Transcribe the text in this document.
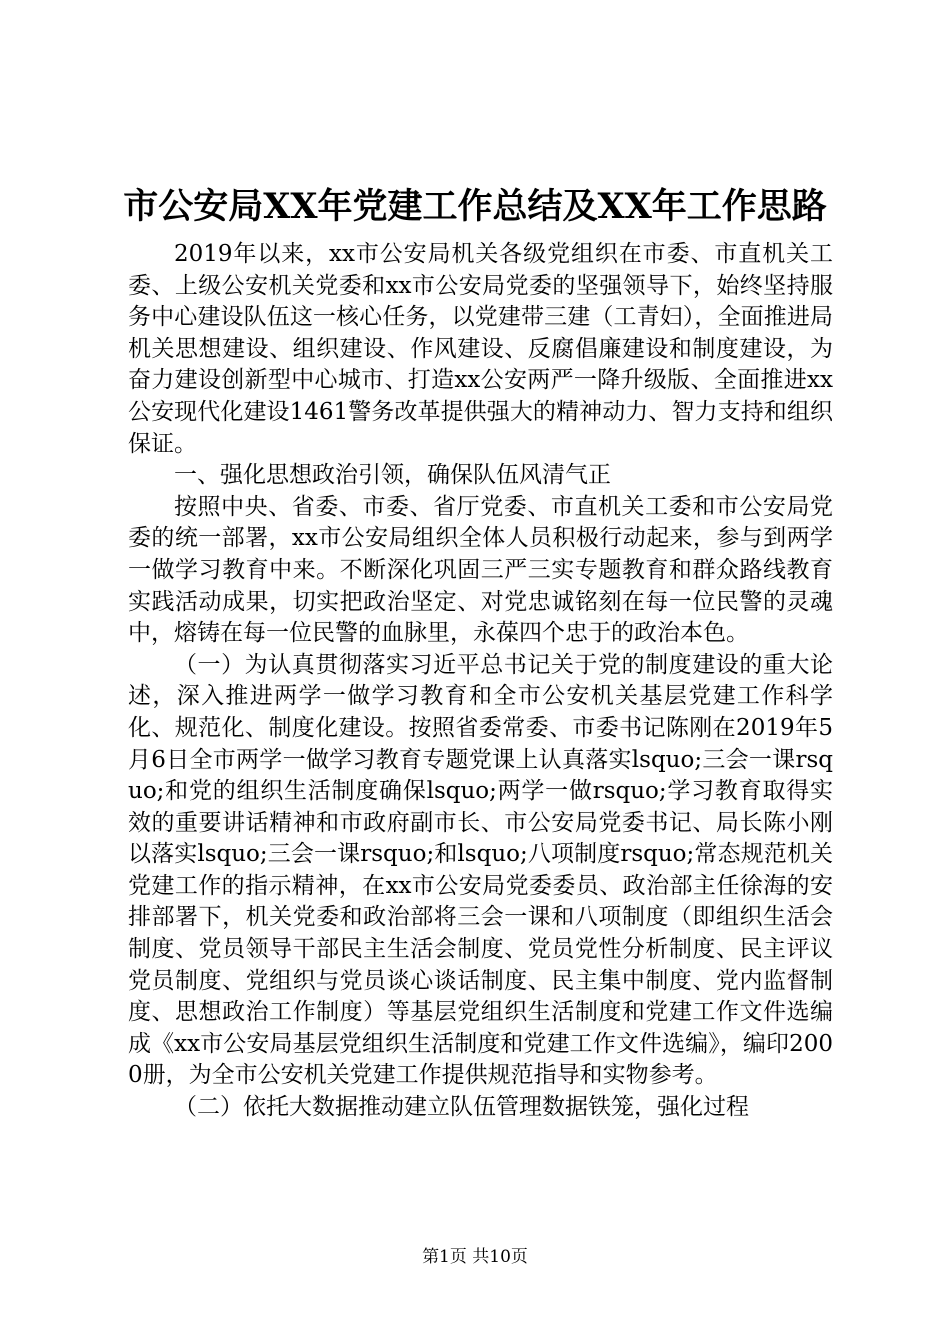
市公安局XX年党建工作总结及XX年工作思路

2019年以来，xx市公安局机关各级党组织在市委、市直机关工委、上级公安机关党委和xx市公安局党委的坚强领导下，始终坚持服务中心建设队伍这一核心任务，以党建带三建（工青妇），全面推进局机关思想建设、组织建设、作风建设、反腐倡廉建设和制度建设，为奋力建设创新型中心城市、打造xx公安两严一降升级版、全面推进xx公安现代化建设1461警务改革提供强大的精神动力、智力支持和组织保证。

一、强化思想政治引领，确保队伍风清气正

按照中央、省委、市委、省厅党委、市直机关工委和市公安局党委的统一部署，xx市公安局组织全体人员积极行动起来，参与到两学一做学习教育中来。不断深化巩固三严三实专题教育和群众路线教育实践活动成果，切实把政治坚定、对党忠诚铭刻在每一位民警的灵魂中，熔铸在每一位民警的血脉里，永葆四个忠于的政治本色。

（一）为认真贯彻落实习近平总书记关于党的制度建设的重大论述，深入推进两学一做学习教育和全市公安机关基层党建工作科学化、规范化、制度化建设。按照省委常委、市委书记陈刚在2019年5月6日全市两学一做学习教育专题党课上认真落实lsquo;三会一课rsquo;和党的组织生活制度确保lsquo;两学一做rsquo;学习教育取得实效的重要讲话精神和市政府副市长、市公安局党委书记、局长陈小刚以落实lsquo;三会一课rsquo;和lsquo;八项制度rsquo;常态规范机关党建工作的指示精神，在xx市公安局党委委员、政治部主任徐海的安排部署下，机关党委和政治部将三会一课和八项制度（即组织生活会制度、党员领导干部民主生活会制度、党员党性分析制度、民主评议党员制度、党组织与党员谈心谈话制度、民主集中制度、党内监督制度、思想政治工作制度）等基层党组织生活制度和党建工作文件选编成《xx市公安局基层党组织生活制度和党建工作文件选编》，编印2000册，为全市公安机关党建工作提供规范指导和实物参考。

（二）依托大数据推动建立队伍管理数据铁笼，强化过程

第1页 共10页
